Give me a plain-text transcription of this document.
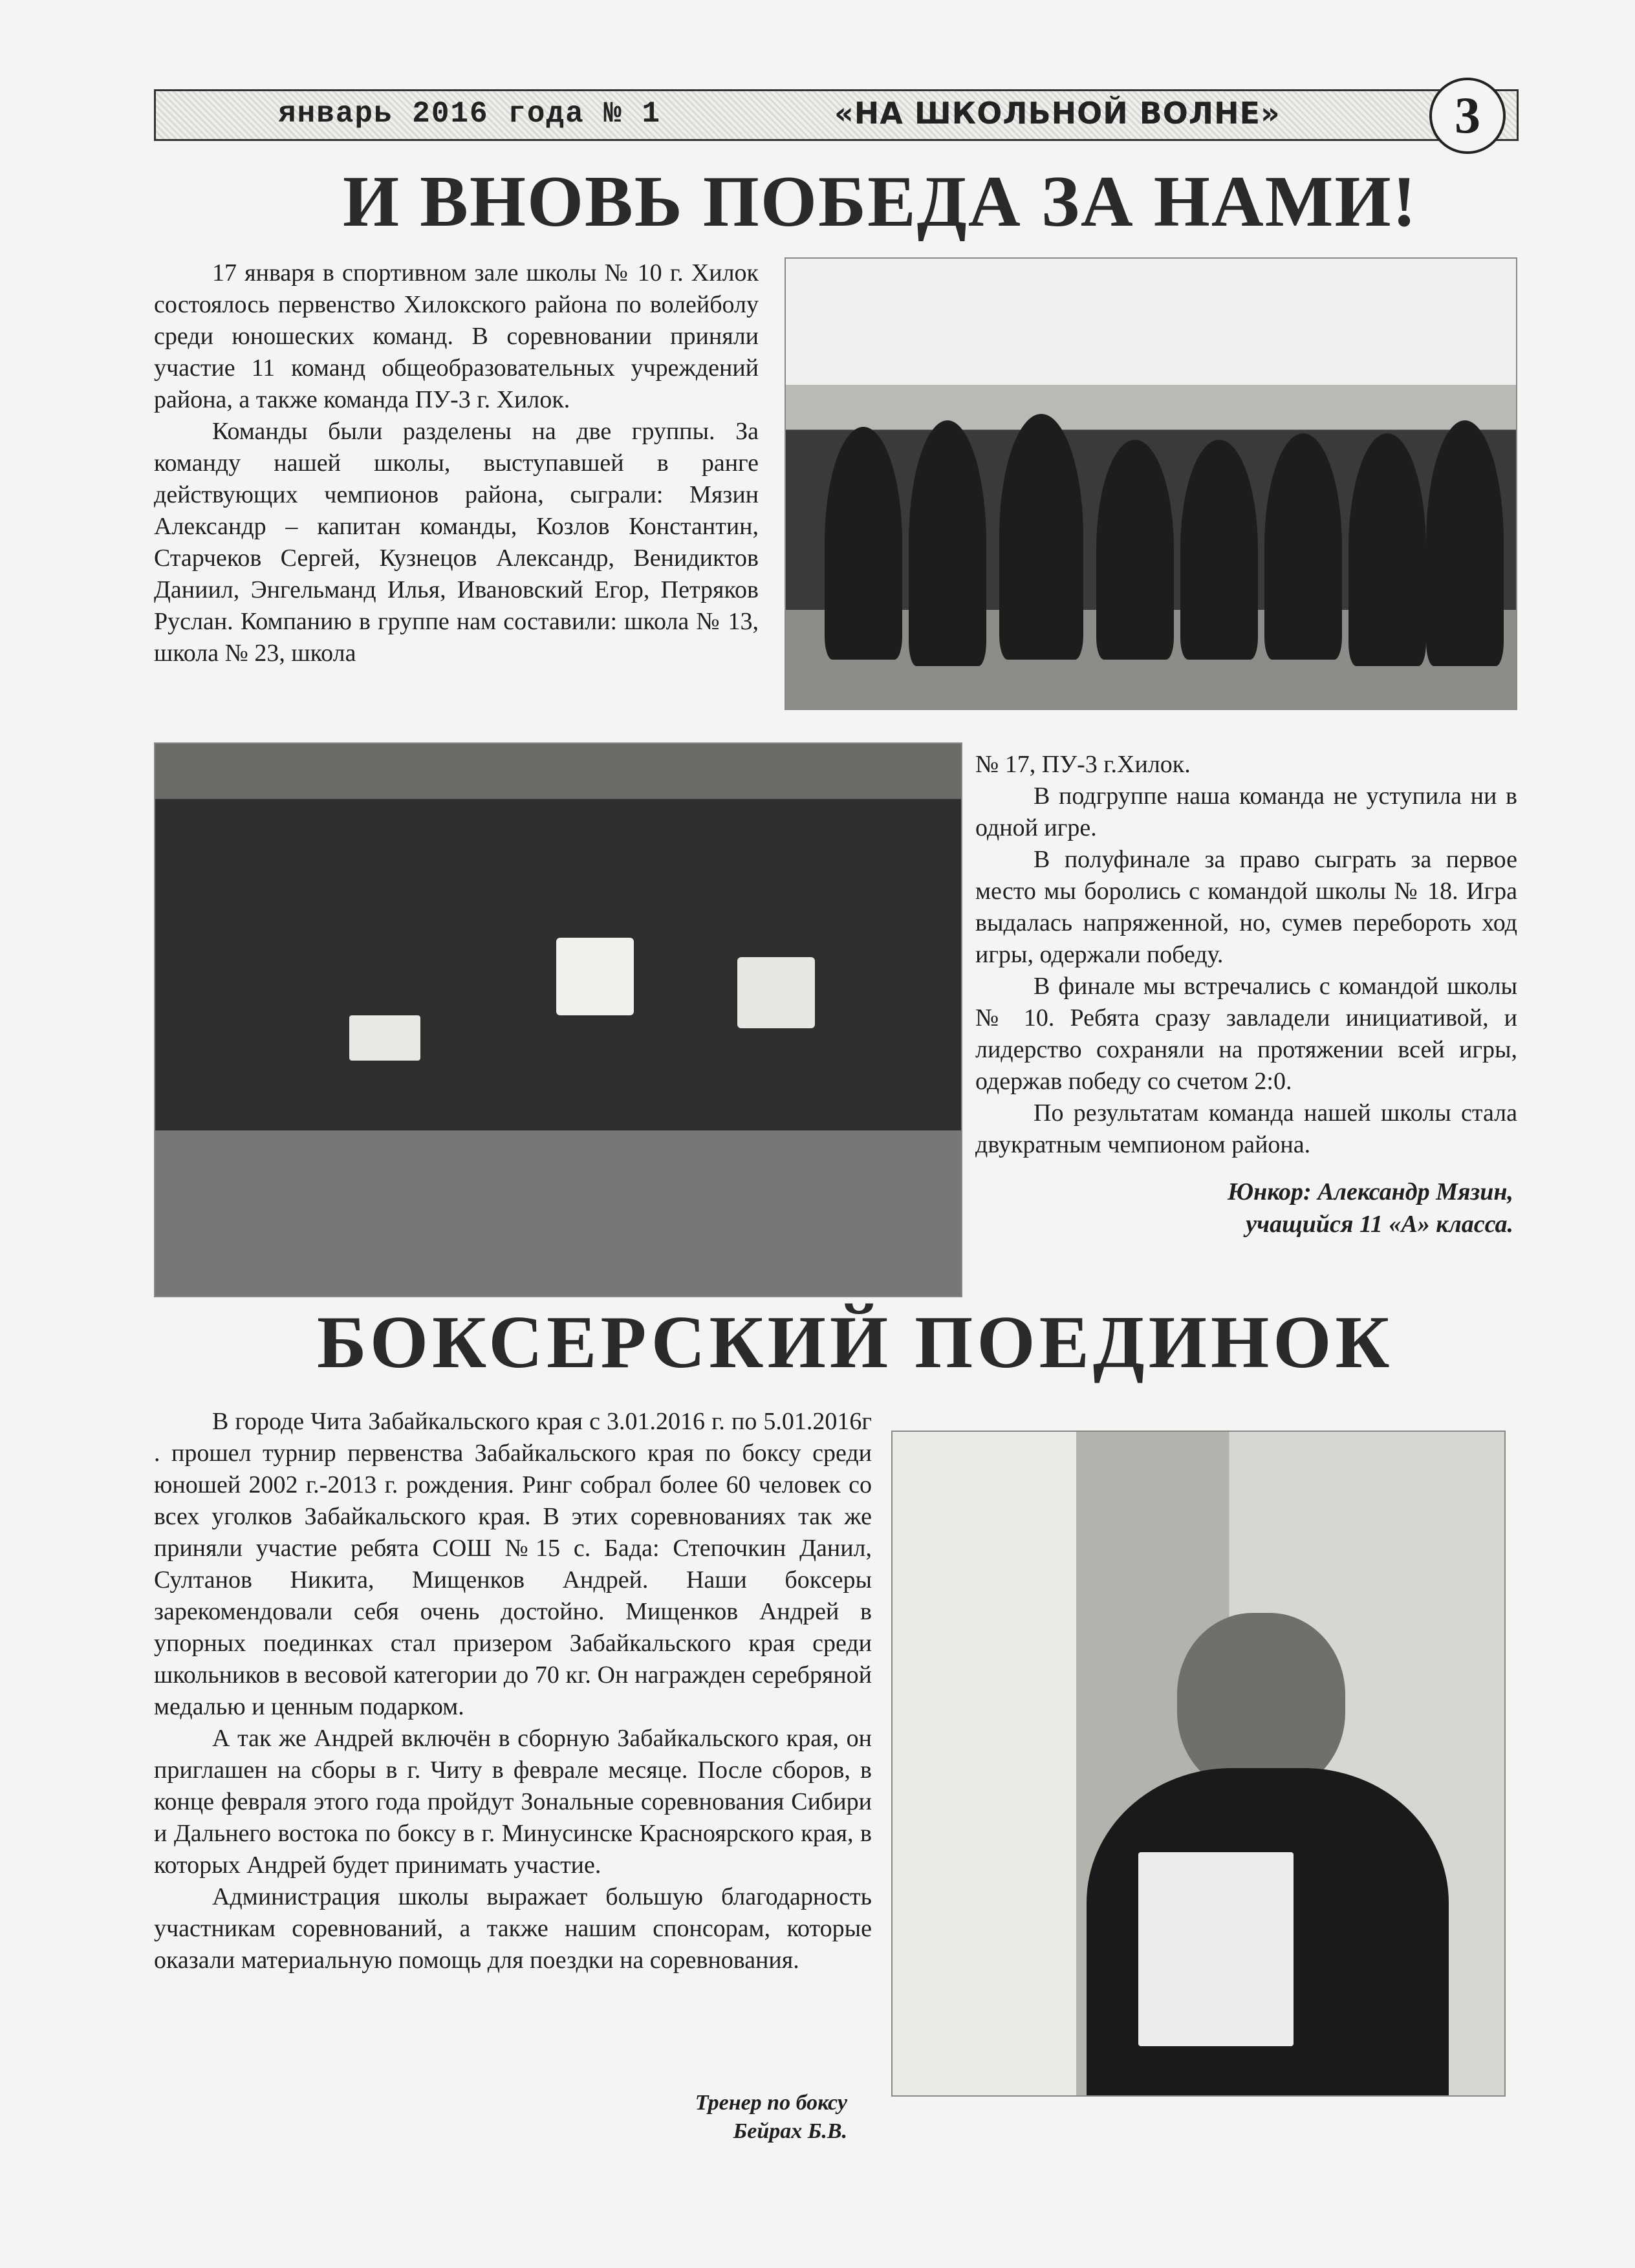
январь 2016 года № 1	«НА ШКОЛЬНОЙ ВОЛНЕ»	3
И ВНОВЬ ПОБЕДА ЗА НАМИ!

17 января в спортивном зале школы № 10 г. Хилок состоялось первенство Хилокского района по волейболу среди юношеских команд. В соревновании приняли участие 11 команд общеобразовательных учреждений района, а также команда ПУ-3 г. Хилок.

Команды были разделены на две группы. За команду нашей школы, выступавшей в ранге действующих чемпионов района, сыграли: Мязин Александр – капитан команды, Козлов Константин, Старчеков Сергей, Кузнецов Александр, Венидиктов Даниил, Энгельманд Илья, Ивановский Егор, Петряков Руслан. Компанию в группе нам составили: школа № 13, школа № 23, школа

№ 17, ПУ-3 г.Хилок.

В подгруппе наша команда не уступила ни в одной игре.

В полуфинале за право сыграть за первое место мы боролись с командой школы № 18. Игра выдалась напряженной, но, сумев перебороть ход игры, одержали победу.

В финале мы встречались с командой школы № 10. Ребята сразу завладели инициативой, и лидерство сохраняли на протяжении всей игры, одержав победу со счетом 2:0.

По результатам команда нашей школы стала двукратным чемпионом района.

Юнкор: Александр Мязин,
учащийся 11 «А» класса.
БОКСЕРСКИЙ ПОЕДИНОК

В городе Чита Забайкальского края с 3.01.2016 г. по 5.01.2016г . прошел турнир первенства Забайкальского края по боксу среди юношей 2002 г.-2013 г. рождения. Ринг собрал более 60 человек со всех уголков Забайкальского края. В этих соревнованиях так же приняли участие ребята СОШ №15 с. Бада: Степочкин Данил, Султанов Никита, Мищенков Андрей. Наши боксеры зарекомендовали себя очень достойно. Мищенков Андрей в упорных поединках стал призером Забайкальского края среди школьников в весовой категории до 70 кг. Он награжден серебряной медалью и ценным подарком.

А так же Андрей включён в сборную Забайкальского края, он приглашен на сборы в г. Читу в феврале месяце. После сборов, в конце февраля этого года пройдут Зональные соревнования Сибири и Дальнего востока по боксу в г. Минусинске Красноярского края, в которых Андрей будет принимать участие.

Администрация школы выражает большую благодарность участникам соревнований, а также нашим спонсорам, которые оказали материальную помощь для поездки на соревнования.

Тренер по боксу
Бейрах Б.В.
